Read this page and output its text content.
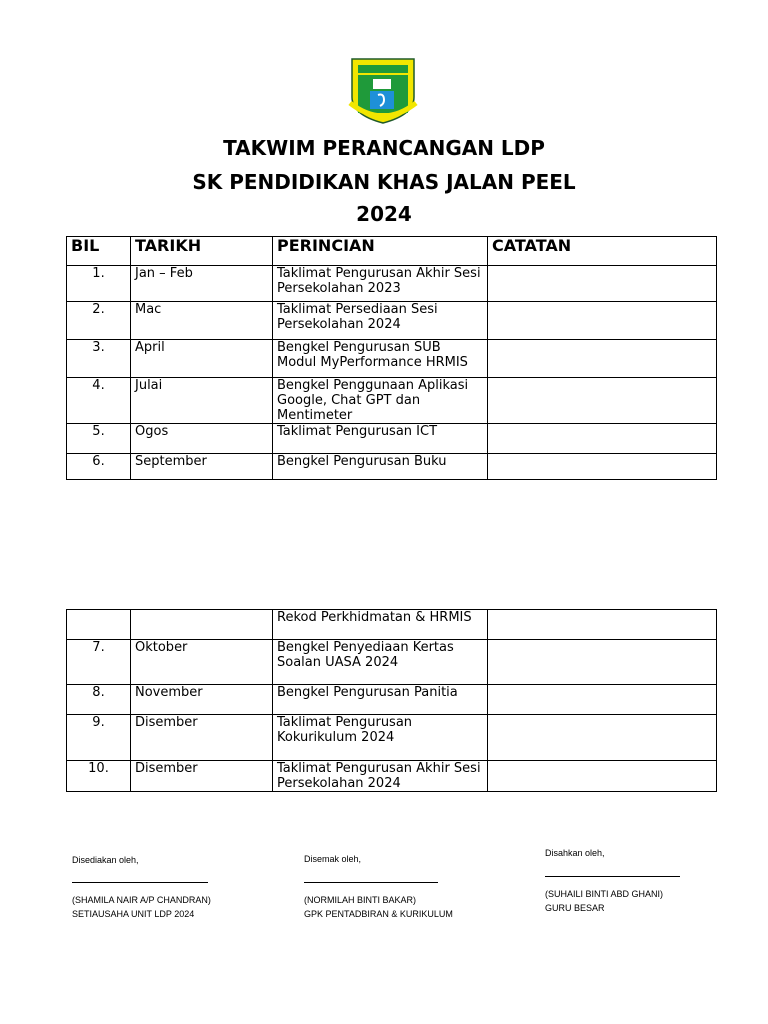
TAKWIM PERANCANGAN LDP
SK PENDIDIKAN KHAS JALAN PEEL
2024
BIL	TARIKH	PERINCIAN	CATATAN
1.	Jan – Feb	Taklimat Pengurusan Akhir Sesi Persekolahan 2023	
2.	Mac	Taklimat Persediaan Sesi Persekolahan 2024	
3.	April	Bengkel Pengurusan SUB Modul MyPerformance HRMIS	
4.	Julai	Bengkel Penggunaan Aplikasi Google, Chat GPT dan Mentimeter	
5.	Ogos	Taklimat Pengurusan ICT	
6.	September	Bengkel Pengurusan Buku	
		Rekod Perkhidmatan & HRMIS	
7.	Oktober	Bengkel Penyediaan Kertas Soalan UASA 2024	
8.	November	Bengkel Pengurusan Panitia	
9.	Disember	Taklimat Pengurusan Kokurikulum 2024	
10.	Disember	Taklimat Pengurusan Akhir Sesi Persekolahan 2024	
Disediakan oleh,
(SHAMILA NAIR A/P CHANDRAN)
SETIAUSAHA UNIT LDP 2024
Disemak oleh,
(NORMILAH BINTI BAKAR)
GPK PENTADBIRAN & KURIKULUM
Disahkan oleh,
(SUHAILI BINTI ABD GHANI)
GURU BESAR
